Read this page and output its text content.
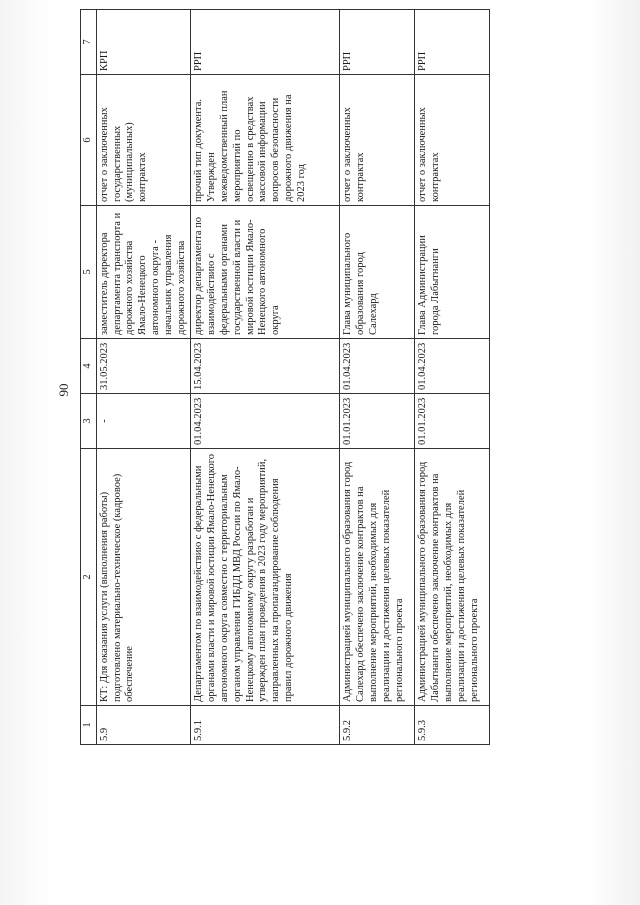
90
1	2	3	4	5	6	7
5.9	КТ: Для оказания услуги (выполнения работы) подготовлено материально-техническое (кадровое) обеспечение	-	31.05.2023	заместитель директора департамента транспорта и дорожного хозяйства Ямало-Ненецкого автономного округа - начальник управления дорожного хозяйства	отчет о заключенных государственных (муниципальных) контрактах	КРП
5.9.1	Департаментом по взаимодействию с федеральными органами власти и мировой юстиции Ямало-Ненецкого автономного округа совместно с территориальным органом управления ГИБДД МВД России по Ямало-Ненецкому автономному округу разработан и утвержден план проведения в 2023 году мероприятий, направленных на пропагандирование соблюдения правил дорожного движения	01.04.2023	15.04.2023	директор департамента по взаимодействию с федеральными органами государственной власти и мировой юстиции Ямало-Ненецкого автономного округа	прочий тип документа. Утвержден межведомственный план мероприятий по освещению в средствах массовой информации вопросов безопасности дорожного движения на 2023 год	РРП
5.9.2	Администрацией муниципального образования город Салехард обеспечено заключение контрактов на выполнение мероприятий, необходимых для реализации и достижения целевых показателей регионального проекта	01.01.2023	01.04.2023	Глава муниципального образования город Салехард	отчет о заключенных контрактах	РРП
5.9.3	Администрацией муниципального образования город Лабытнанги обеспечено заключение контрактов на выполнение мероприятий, необходимых для реализации и достижения целевых показателей регионального проекта	01.01.2023	01.04.2023	Глава Администрации города Лабытнанги	отчет о заключенных контрактах	РРП
